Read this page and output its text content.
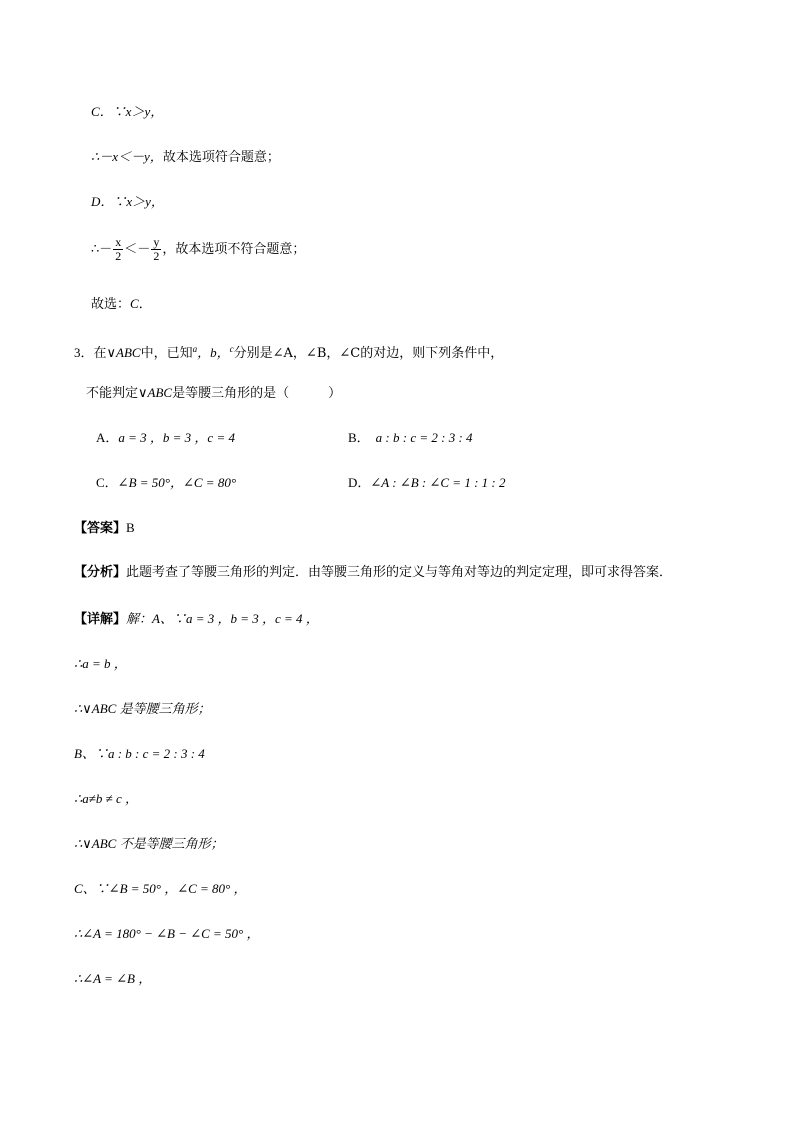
C．∵x＞y，
∴－x＜－y，故本选项符合题意；
D．∵x＞y，
∴－ $\frac{x}{2} <- \frac{y}{2}$ ，故本选项不符合题意；
故选：C．
3．在∨ABC中，已知$^a$，b，$^c$分别是∠A，∠B，∠C的对边，则下列条件中，
不能判定∨ABC是等腰三角形的是（　　　）
A．a = 3 ，b = 3 ，c = 4	B． a : b : c = 2 : 3 : 4
C．∠B = 50°，∠C = 80°	D．∠A : ∠B : ∠C = 1 : 1 : 2
【答案】B
【分析】此题考查了等腰三角形的判定．由等腰三角形的定义与等角对等边的判定定理，即可求得答案．
【详解】解：A、∵a = 3 ，b = 3 ，c = 4 ，
∴a = b ，
∴∨ABC 是等腰三角形；
B、∵a : b : c = 2 : 3 : 4
∴a≠b ≠ c ，
∴∨ABC 不是等腰三角形；
C、∵∠B = 50° ，∠C = 80° ，
∴∠A = 180° − ∠B − ∠C = 50° ，
∴∠A = ∠B ，
